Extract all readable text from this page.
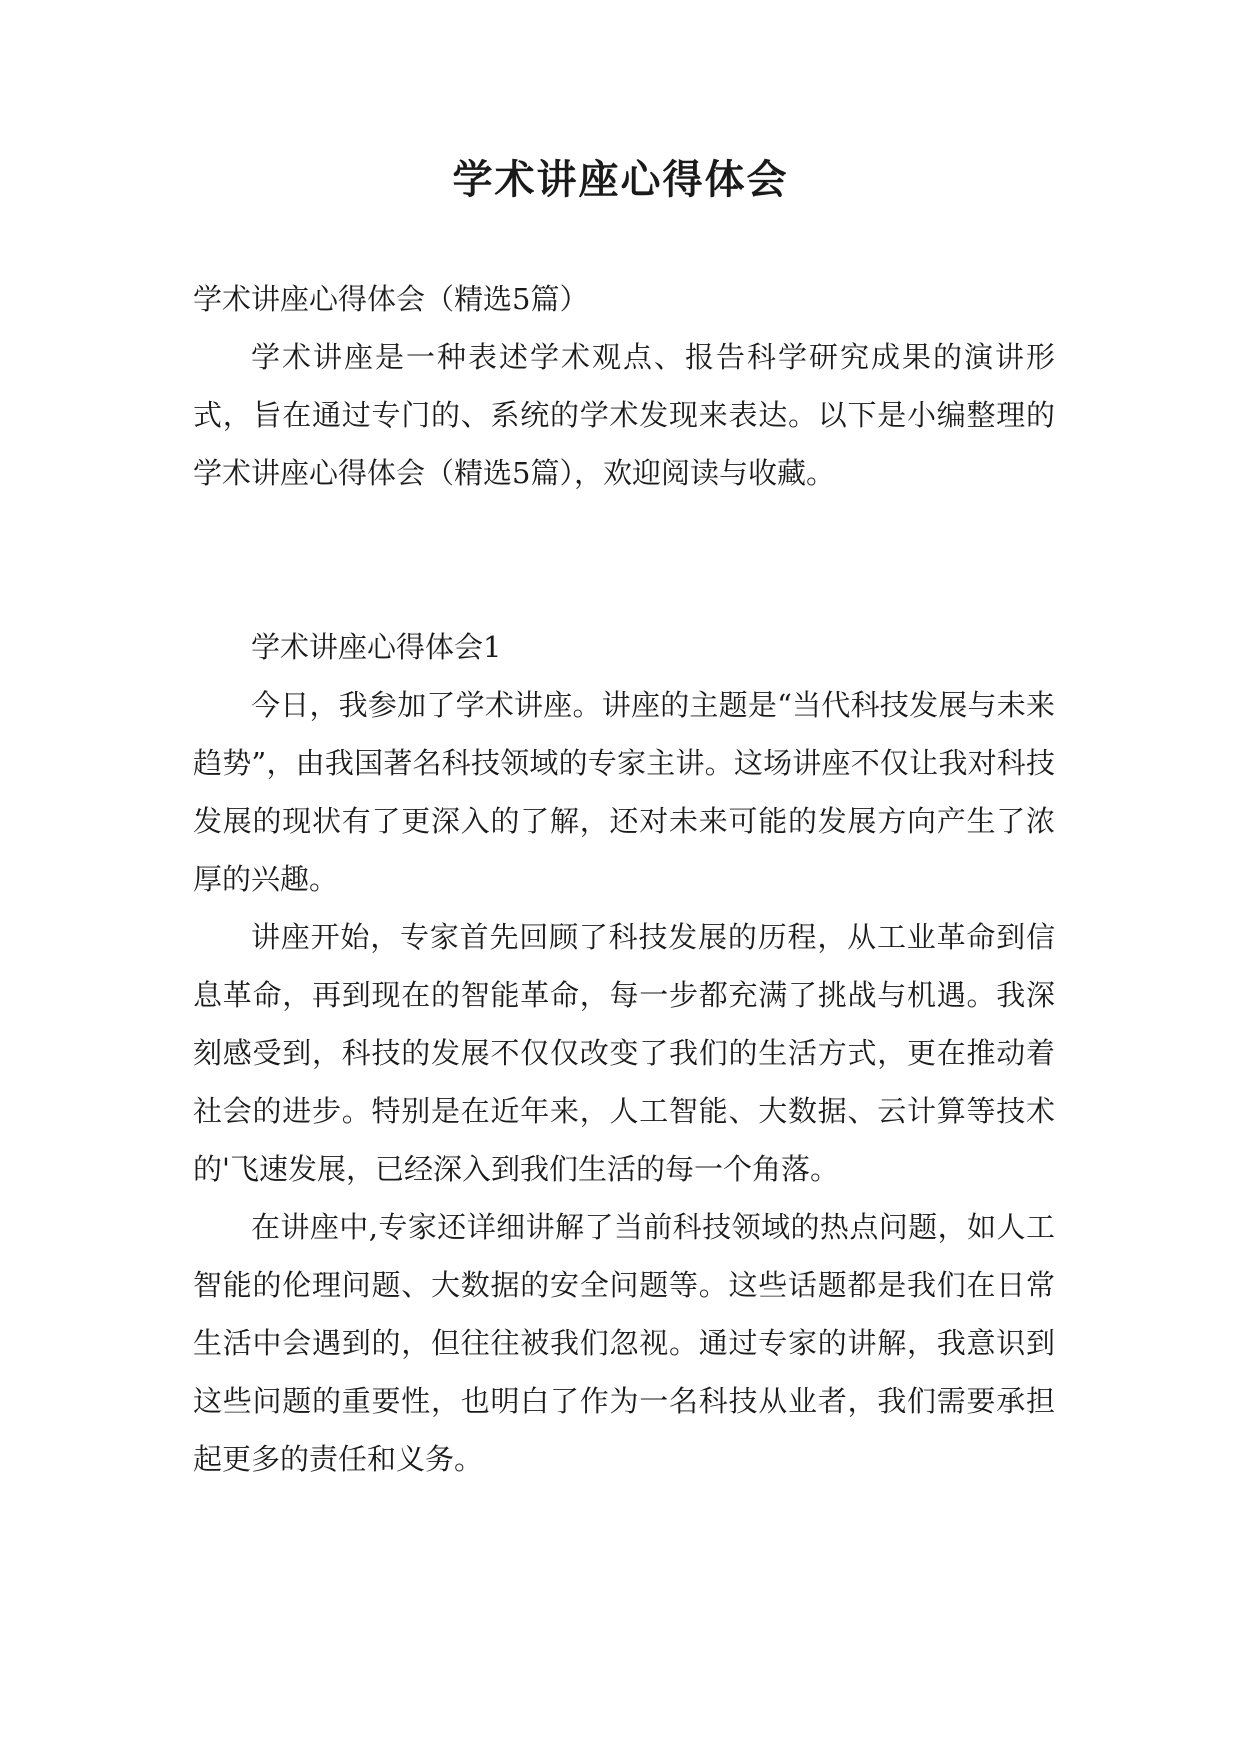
学术讲座心得体会

学术讲座心得体会（精选5篇）

学术讲座是一种表述学术观点、报告科学研究成果的演讲形式，旨在通过专门的、系统的学术发现来表达。以下是小编整理的学术讲座心得体会（精选5篇），欢迎阅读与收藏。

学术讲座心得体会1

今日，我参加了学术讲座。讲座的主题是“当代科技发展与未来趋势”，由我国著名科技领域的专家主讲。这场讲座不仅让我对科技发展的现状有了更深入的了解，还对未来可能的发展方向产生了浓厚的兴趣。

讲座开始，专家首先回顾了科技发展的历程，从工业革命到信息革命，再到现在的智能革命，每一步都充满了挑战与机遇。我深刻感受到，科技的发展不仅仅改变了我们的生活方式，更在推动着社会的进步。特别是在近年来，人工智能、大数据、云计算等技术的'飞速发展，已经深入到我们生活的每一个角落。

在讲座中,专家还详细讲解了当前科技领域的热点问题，如人工智能的伦理问题、大数据的安全问题等。这些话题都是我们在日常生活中会遇到的，但往往被我们忽视。通过专家的讲解，我意识到这些问题的重要性，也明白了作为一名科技从业者，我们需要承担起更多的责任和义务。
